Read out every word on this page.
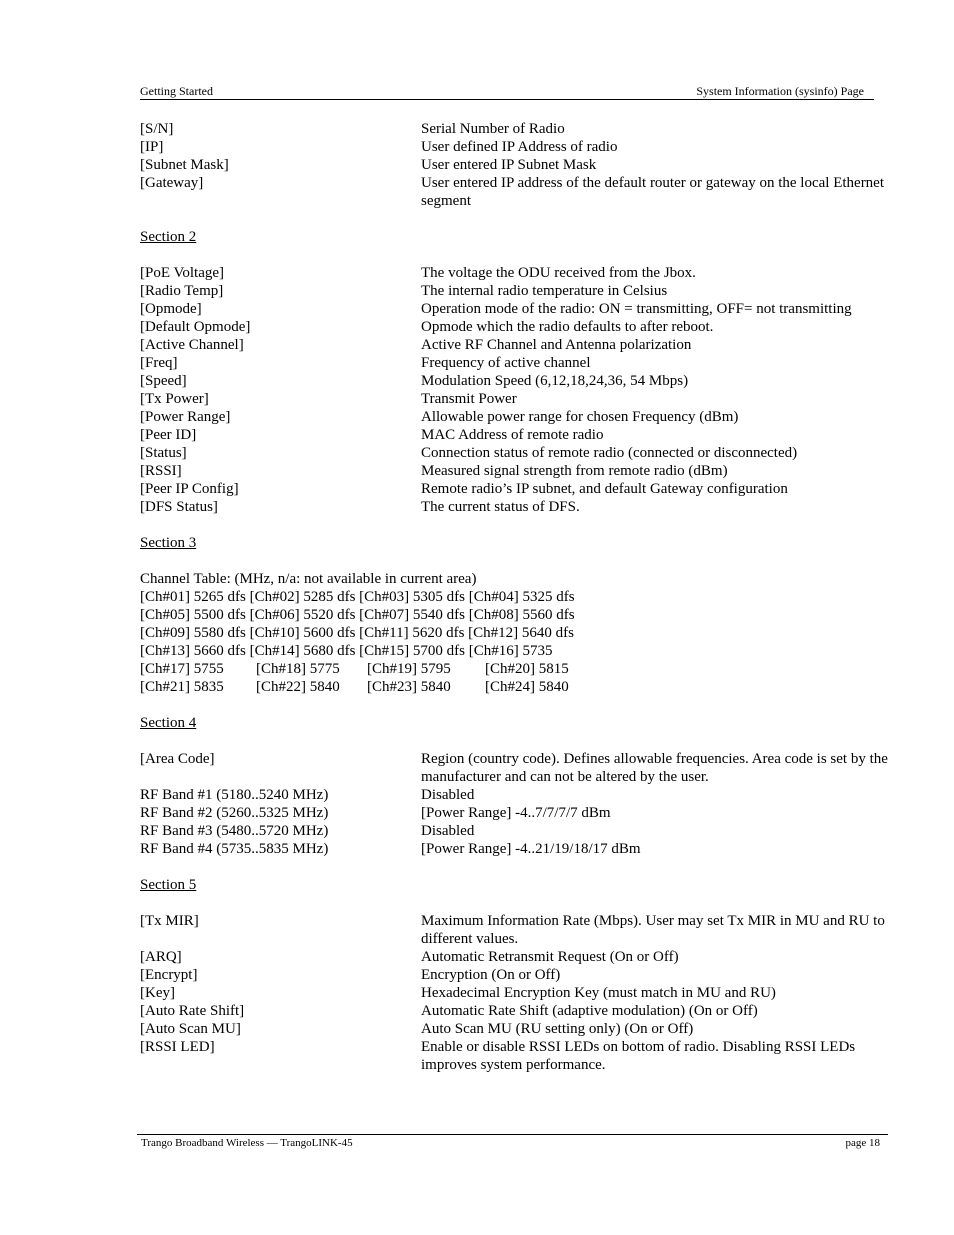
Getting Started	System Information (sysinfo) Page
[S/N]	Serial Number of Radio
[IP]	User defined IP Address of radio
[Subnet Mask]	User entered IP Subnet Mask
[Gateway]	User entered IP address of the default router or gateway on the local Ethernet segment
Section 2
[PoE Voltage]	The voltage the ODU received from the Jbox.
[Radio Temp]	The internal radio temperature in Celsius
[Opmode]	Operation mode of the radio: ON = transmitting, OFF= not transmitting
[Default Opmode]	Opmode which the radio defaults to after reboot.
[Active Channel]	Active RF Channel and Antenna polarization
[Freq]	Frequency of active channel
[Speed]	Modulation Speed (6,12,18,24,36, 54 Mbps)
[Tx Power]	Transmit Power
[Power Range]	Allowable power range for chosen Frequency (dBm)
[Peer ID]	MAC Address of remote radio
[Status]	Connection status of remote radio (connected or disconnected)
[RSSI]	Measured signal strength from remote radio (dBm)
[Peer IP Config]	Remote radio’s IP subnet, and default Gateway configuration
[DFS Status]	The current status of DFS.
Section 3
Channel Table: (MHz, n/a: not available in current area)
[Ch#01] 5265 dfs [Ch#02] 5285 dfs [Ch#03] 5305 dfs [Ch#04] 5325 dfs
[Ch#05] 5500 dfs [Ch#06] 5520 dfs [Ch#07] 5540 dfs [Ch#08] 5560 dfs
[Ch#09] 5580 dfs [Ch#10] 5600 dfs [Ch#11] 5620 dfs [Ch#12] 5640 dfs
[Ch#13] 5660 dfs [Ch#14] 5680 dfs [Ch#15] 5700 dfs [Ch#16] 5735
[Ch#17] 5755 [Ch#18] 5775 [Ch#19] 5795 [Ch#20] 5815
[Ch#21] 5835 [Ch#22] 5840 [Ch#23] 5840 [Ch#24] 5840
Section 4
[Area Code]	Region (country code). Defines allowable frequencies. Area code is set by the manufacturer and can not be altered by the user.
RF Band #1 (5180..5240 MHz)	Disabled
RF Band #2 (5260..5325 MHz)	[Power Range] -4..7/7/7/7 dBm
RF Band #3 (5480..5720 MHz)	Disabled
RF Band #4 (5735..5835 MHz)	[Power Range] -4..21/19/18/17 dBm
Section 5
[Tx MIR]	Maximum Information Rate (Mbps). User may set Tx MIR in MU and RU to different values.
[ARQ]	Automatic Retransmit Request (On or Off)
[Encrypt]	Encryption (On or Off)
[Key]	Hexadecimal Encryption Key (must match in MU and RU)
[Auto Rate Shift]	Automatic Rate Shift (adaptive modulation) (On or Off)
[Auto Scan MU]	Auto Scan MU (RU setting only) (On or Off)
[RSSI LED]	Enable or disable RSSI LEDs on bottom of radio. Disabling RSSI LEDs improves system performance.
Trango Broadband Wireless — TrangoLINK-45	page 18
